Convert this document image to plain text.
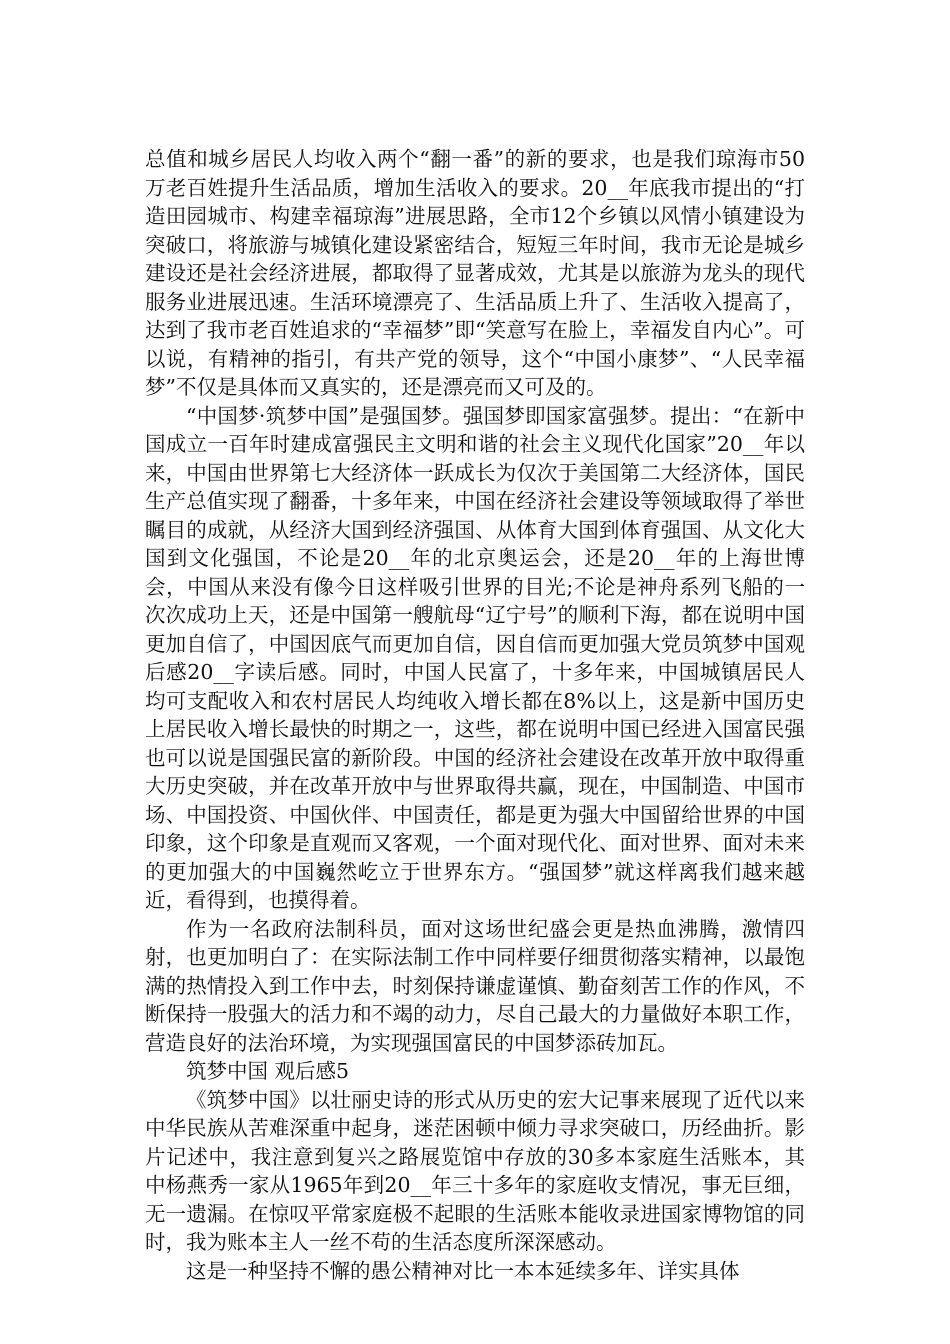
总值和城乡居民人均收入两个“翻一番”的新的要求，也是我们琼海市50万老百姓提升生活品质，增加生活收入的要求。20__年底我市提出的“打造田园城市、构建幸福琼海”进展思路，全市12个乡镇以风情小镇建设为突破口，将旅游与城镇化建设紧密结合，短短三年时间，我市无论是城乡建设还是社会经济进展，都取得了显著成效，尤其是以旅游为龙头的现代服务业进展迅速。生活环境漂亮了、生活品质上升了、生活收入提高了，达到了我市老百姓追求的“幸福梦”即“笑意写在脸上，幸福发自内心”。可以说，有精神的指引，有共产党的领导，这个“中国小康梦”、“人民幸福梦”不仅是具体而又真实的，还是漂亮而又可及的。

“中国梦·筑梦中国”是强国梦。强国梦即国家富强梦。提出：“在新中国成立一百年时建成富强民主文明和谐的社会主义现代化国家”20__年以来，中国由世界第七大经济体一跃成长为仅次于美国第二大经济体，国民生产总值实现了翻番，十多年来，中国在经济社会建设等领域取得了举世瞩目的成就，从经济大国到经济强国、从体育大国到体育强国、从文化大国到文化强国，不论是20__年的北京奥运会，还是20__年的上海世博会，中国从来没有像今日这样吸引世界的目光;不论是神舟系列飞船的一次次成功上天，还是中国第一艘航母“辽宁号”的顺利下海，都在说明中国更加自信了，中国因底气而更加自信，因自信而更加强大党员筑梦中国观后感20__字读后感。同时，中国人民富了，十多年来，中国城镇居民人均可支配收入和农村居民人均纯收入增长都在8%以上，这是新中国历史上居民收入增长最快的时期之一，这些，都在说明中国已经进入国富民强也可以说是国强民富的新阶段。中国的经济社会建设在改革开放中取得重大历史突破，并在改革开放中与世界取得共赢，现在，中国制造、中国市场、中国投资、中国伙伴、中国责任，都是更为强大中国留给世界的中国印象，这个印象是直观而又客观，一个面对现代化、面对世界、面对未来的更加强大的中国巍然屹立于世界东方。“强国梦”就这样离我们越来越近，看得到，也摸得着。

作为一名政府法制科员，面对这场世纪盛会更是热血沸腾，激情四射，也更加明白了：在实际法制工作中同样要仔细贯彻落实精神，以最饱满的热情投入到工作中去，时刻保持谦虚谨慎、勤奋刻苦工作的作风，不断保持一股强大的活力和不竭的动力，尽自己最大的力量做好本职工作，营造良好的法治环境，为实现强国富民的中国梦添砖加瓦。

筑梦中国 观后感5

《筑梦中国》以壮丽史诗的形式从历史的宏大记事来展现了近代以来中华民族从苦难深重中起身，迷茫困顿中倾力寻求突破口，历经曲折。影片记述中，我注意到复兴之路展览馆中存放的30多本家庭生活账本，其中杨燕秀一家从1965年到20__年三十多年的家庭收支情况，事无巨细，无一遗漏。在惊叹平常家庭极不起眼的生活账本能收录进国家博物馆的同时，我为账本主人一丝不苟的生活态度所深深感动。

这是一种坚持不懈的愚公精神对比一本本延续多年、详实具体
